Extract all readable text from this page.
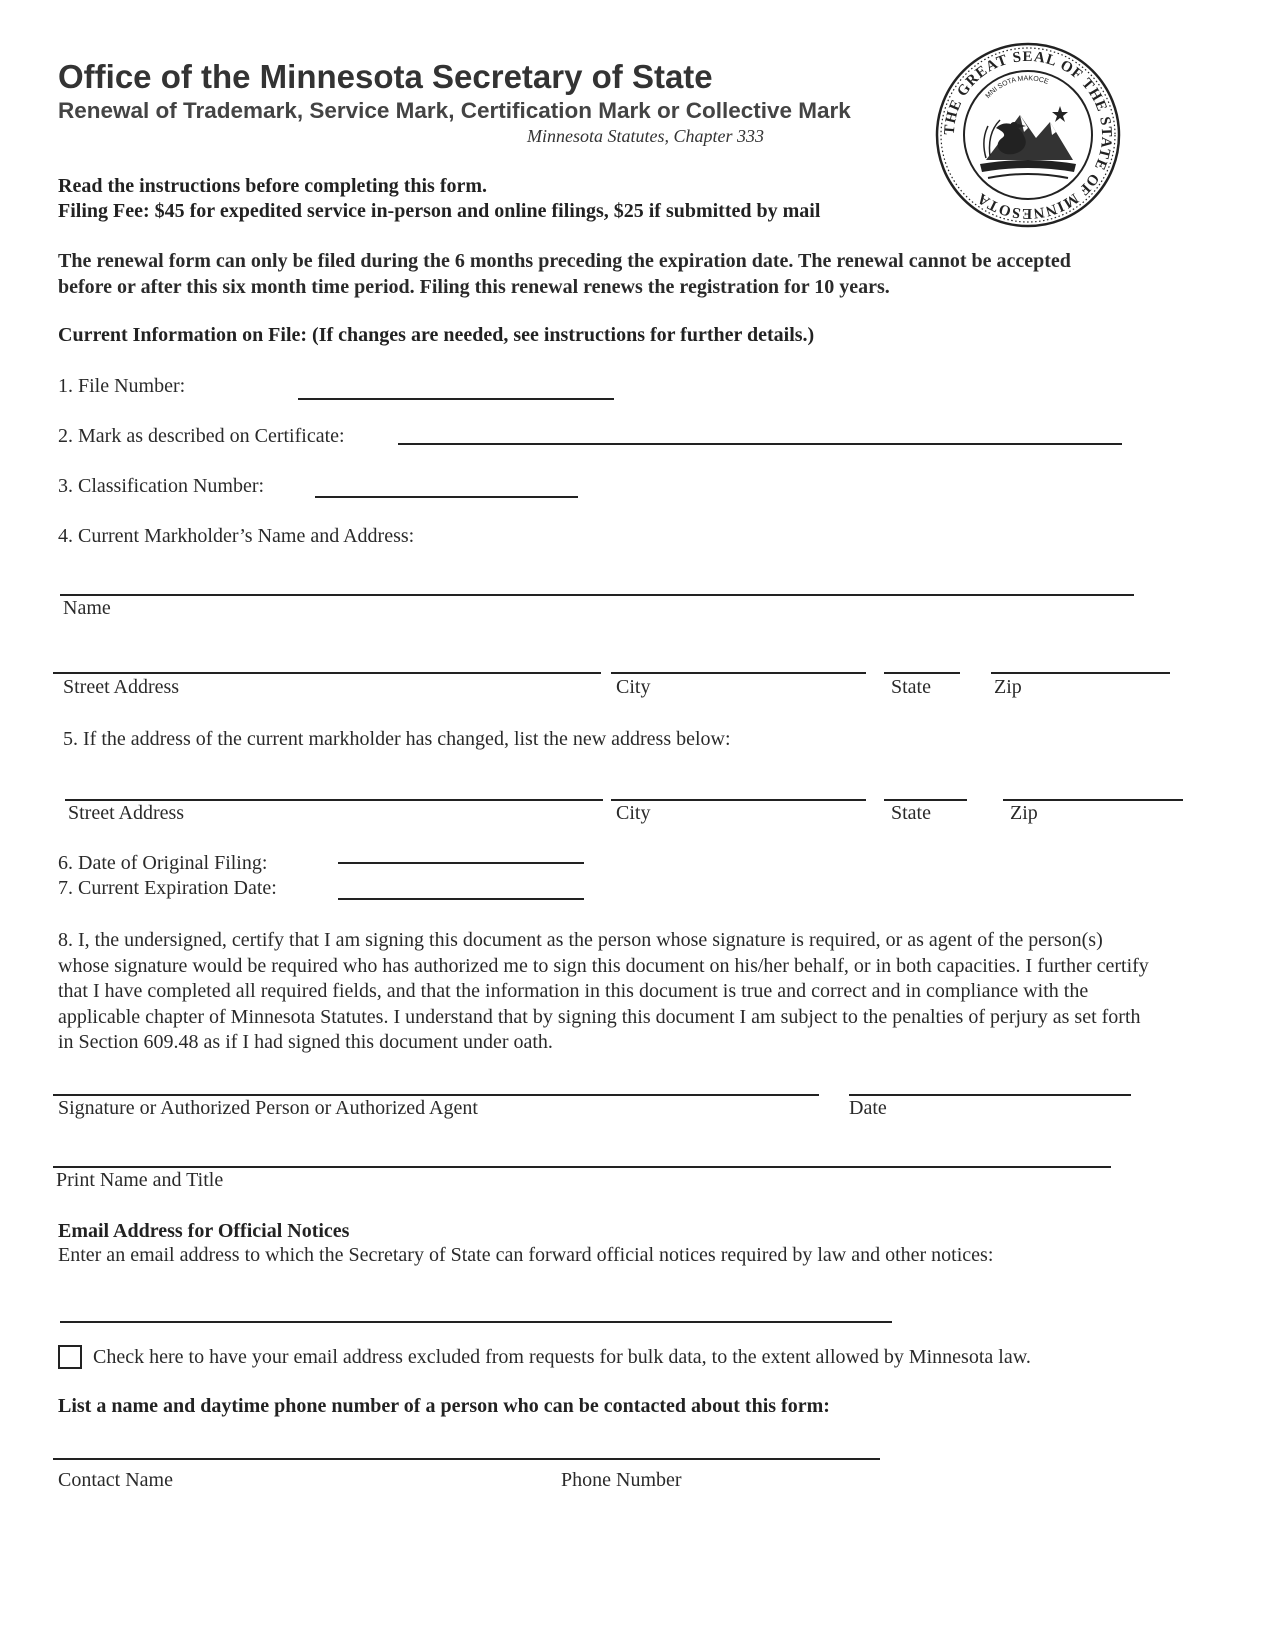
Office of the Minnesota Secretary of State
Renewal of Trademark, Service Mark, Certification Mark or Collective Mark
Minnesota Statutes, Chapter 333	THE GREAT SEAL OF THE STATE OF MINNESOTA
MNI SOTA MAKOCE
Read the instructions before completing this form.
Filing Fee: $45 for expedited service in-person and online filings, $25 if submitted by mail
The renewal form can only be filed during the 6 months preceding the expiration date. The renewal cannot be accepted before or after this six month time period. Filing this renewal renews the registration for 10 years.
Current Information on File: (If changes are needed, see instructions for further details.)
1. File Number:
2. Mark as described on Certificate:
3. Classification Number:
4. Current Markholder’s Name and Address:
Name
Street Address	City	State	Zip
5. If the address of the current markholder has changed, list the new address below:
Street Address	City	State	Zip
6. Date of Original Filing:
7. Current Expiration Date:
8. I, the undersigned, certify that I am signing this document as the person whose signature is required, or as agent of the person(s) whose signature would be required who has authorized me to sign this document on his/her behalf, or in both capacities. I further certify that I have completed all required fields, and that the information in this document is true and correct and in compliance with the applicable chapter of Minnesota Statutes. I understand that by signing this document I am subject to the penalties of perjury as set forth in Section 609.48 as if I had signed this document under oath.
Signature or Authorized Person or Authorized Agent	Date
Print Name and Title
Email Address for Official Notices
Enter an email address to which the Secretary of State can forward official notices required by law and other notices:
Check here to have your email address excluded from requests for bulk data, to the extent allowed by Minnesota law.
List a name and daytime phone number of a person who can be contacted about this form:
Contact Name	Phone Number
